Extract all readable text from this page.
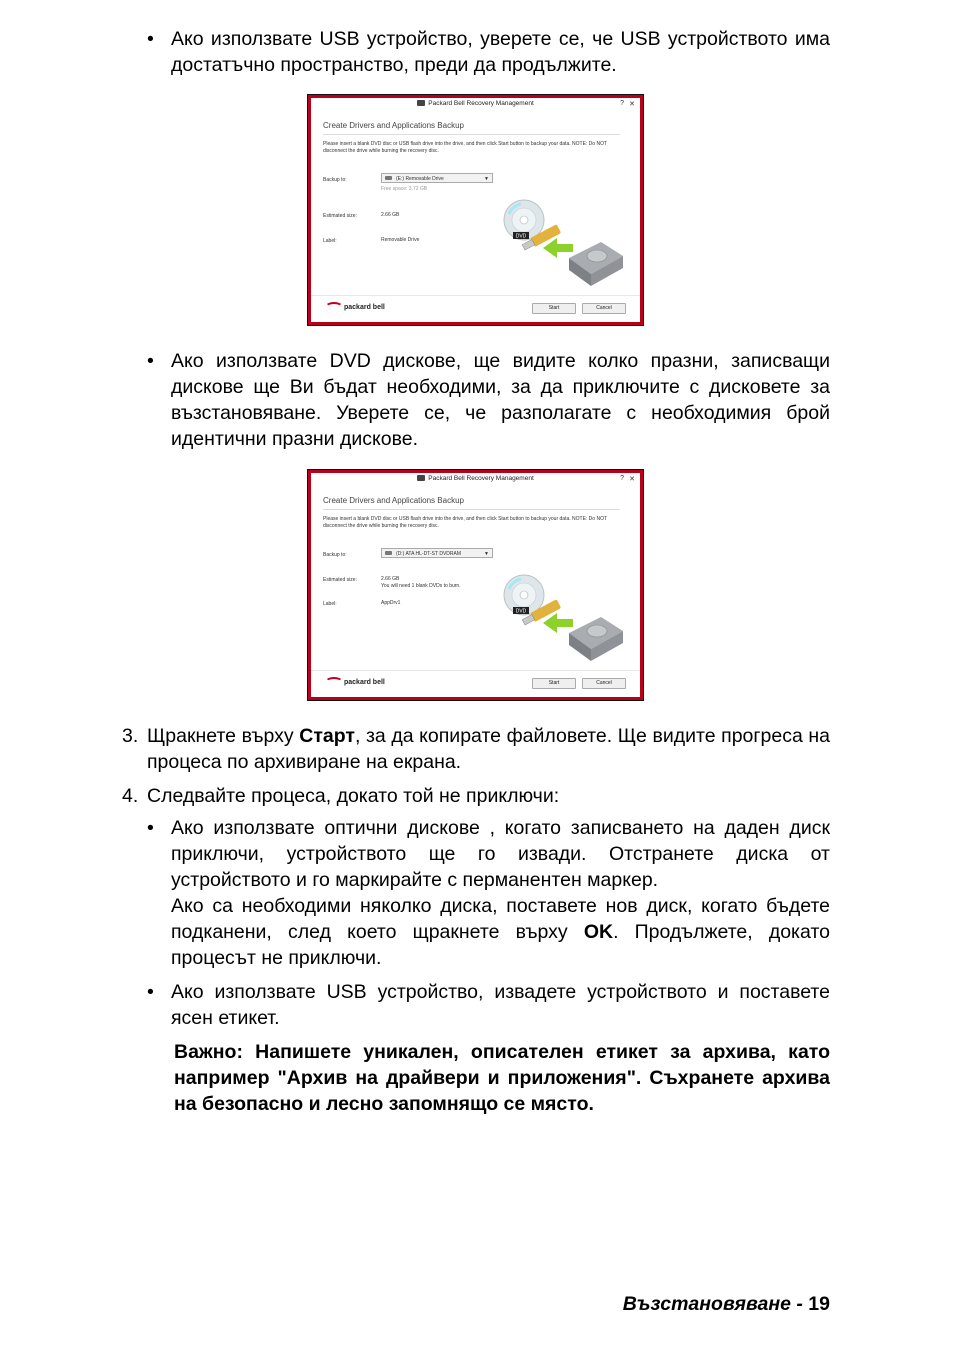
• Ако използвате USB устройство, уверете се, че USB устройството има достатъчно пространство, преди да продължите.

Packard Bell Recovery Management	? ✕
Create Drivers and Applications Backup
Please insert a blank DVD disc or USB flash drive into the drive, and then click Start button to backup your data. NOTE: Do NOT disconnect the drive while burning the recovery disc.
Backup to:	(E:) Removable Drive	▼
Free space: 3.72 GB
Estimated size:	2.66 GB
Label:	Removable Drive
DVD
packard bell	Start	Cancel
• Ако използвате DVD дискове, ще видите колко празни, записващи дискове ще Ви бъдат необходими, за да приключите с дисковете за възстановяване. Уверете се, че разполагате с необходимия брой идентични празни дискове.

Packard Bell Recovery Management	? ✕
Create Drivers and Applications Backup
Please insert a blank DVD disc or USB flash drive into the drive, and then click Start button to backup your data. NOTE: Do NOT disconnect the drive while burning the recovery disc.
Backup to:	(D:) ATA HL-DT-ST DVDRAM	▼
Estimated size:	2.66 GB
You will need 1 blank DVDs to burn.
Label:	AppDrv1
DVD
packard bell	Start	Cancel
3. Щракнете върху Старт, за да копирате файловете. Ще видите прогреса на процеса по архивиране на екрана.

4. Следвайте процеса, докато той не приключи:

• Ако използвате оптични дискове , когато записването на даден диск приключи, устройството ще го извади. Отстранете диска от устройството и го маркирайте с перманентен маркер.

Ако са необходими няколко диска, поставете нов диск, когато бъдете подканени, след което щракнете върху OK. Продължете, докато процесът не приключи.

• Ако използвате USB устройство, извадете устройството и поставете ясен етикет.

Важно: Напишете уникален, описателен етикет за архива, като например "Архив на драйвери и приложения". Съхранете архива на безопасно и лесно запомнящо се място.

Възстановяване - 19
